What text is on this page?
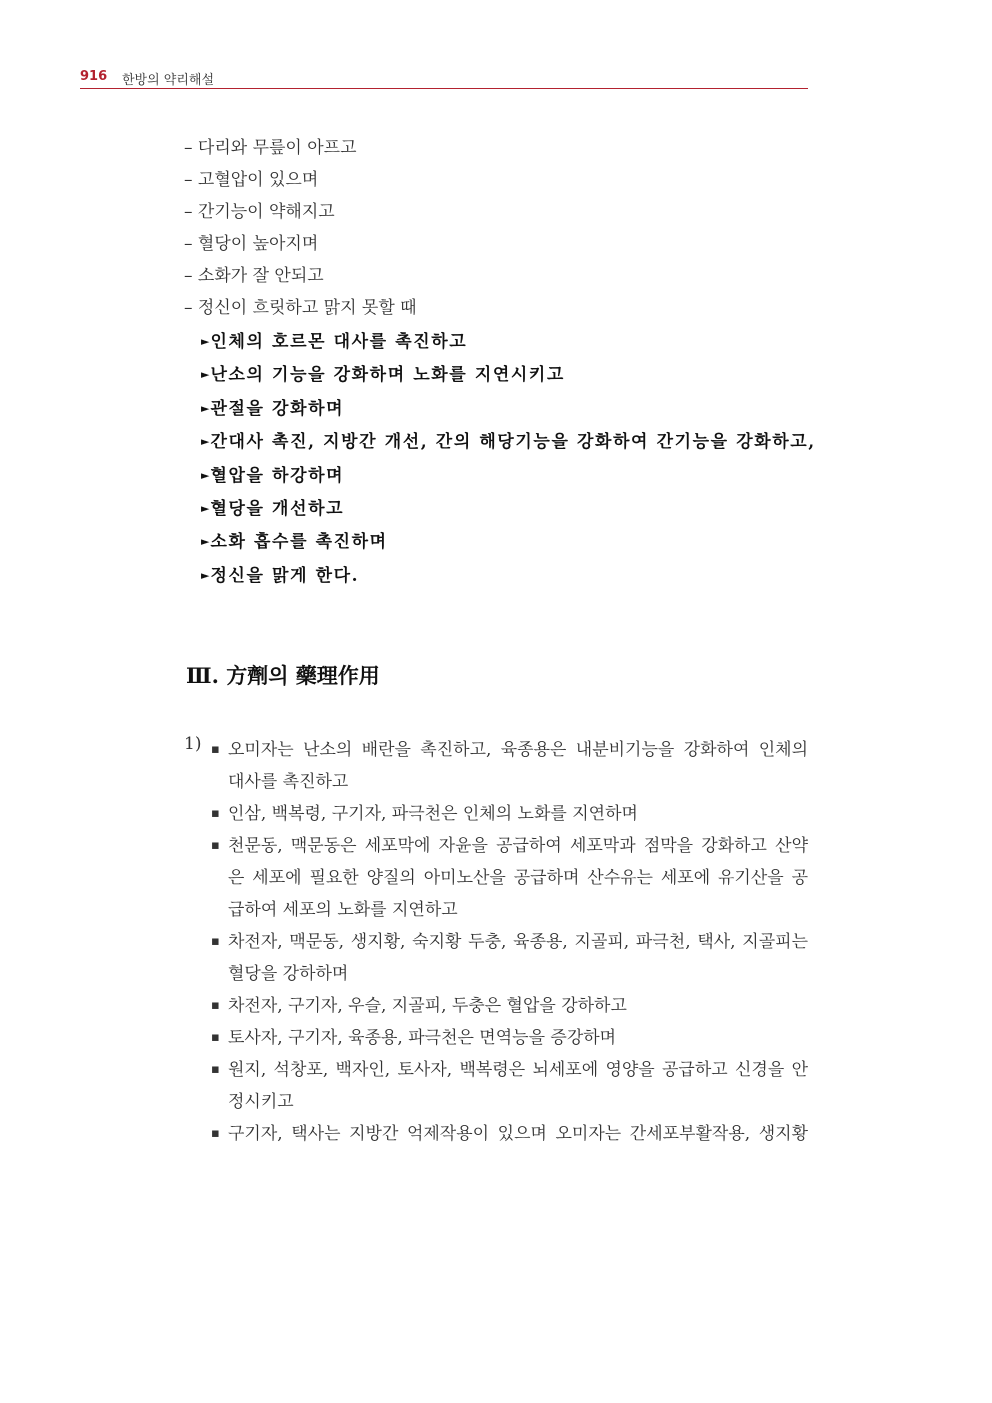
916 한방의 약리해설
– 다리와 무릎이 아프고
– 고혈압이 있으며
– 간기능이 약해지고
– 혈당이 높아지며
– 소화가 잘 안되고
– 정신이 흐릿하고 맑지 못할 때
►인체의 호르몬 대사를 촉진하고
►난소의 기능을 강화하며 노화를 지연시키고
►관절을 강화하며
►간대사 촉진, 지방간 개선, 간의 해당기능을 강화하여 간기능을 강화하고,
►혈압을 하강하며
►혈당을 개선하고
►소화 흡수를 촉진하며
►정신을 맑게 한다.
Ⅲ. 方劑의 藥理作用
1) ▪ 오미자는 난소의 배란을 촉진하고, 육종용은 내분비기능을 강화하여 인체의
대사를 촉진하고
▪ 인삼, 백복령, 구기자, 파극천은 인체의 노화를 지연하며
▪ 천문동, 맥문동은 세포막에 자윤을 공급하여 세포막과 점막을 강화하고 산약
은 세포에 필요한 양질의 아미노산을 공급하며 산수유는 세포에 유기산을 공
급하여 세포의 노화를 지연하고
▪ 차전자, 맥문동, 생지황, 숙지황 두충, 육종용, 지골피, 파극천, 택사, 지골피는
혈당을 강하하며
▪ 차전자, 구기자, 우슬, 지골피, 두충은 혈압을 강하하고
▪ 토사자, 구기자, 육종용, 파극천은 면역능을 증강하며
▪ 원지, 석창포, 백자인, 토사자, 백복령은 뇌세포에 영양을 공급하고 신경을 안
정시키고
▪ 구기자, 택사는 지방간 억제작용이 있으며 오미자는 간세포부활작용, 생지황
